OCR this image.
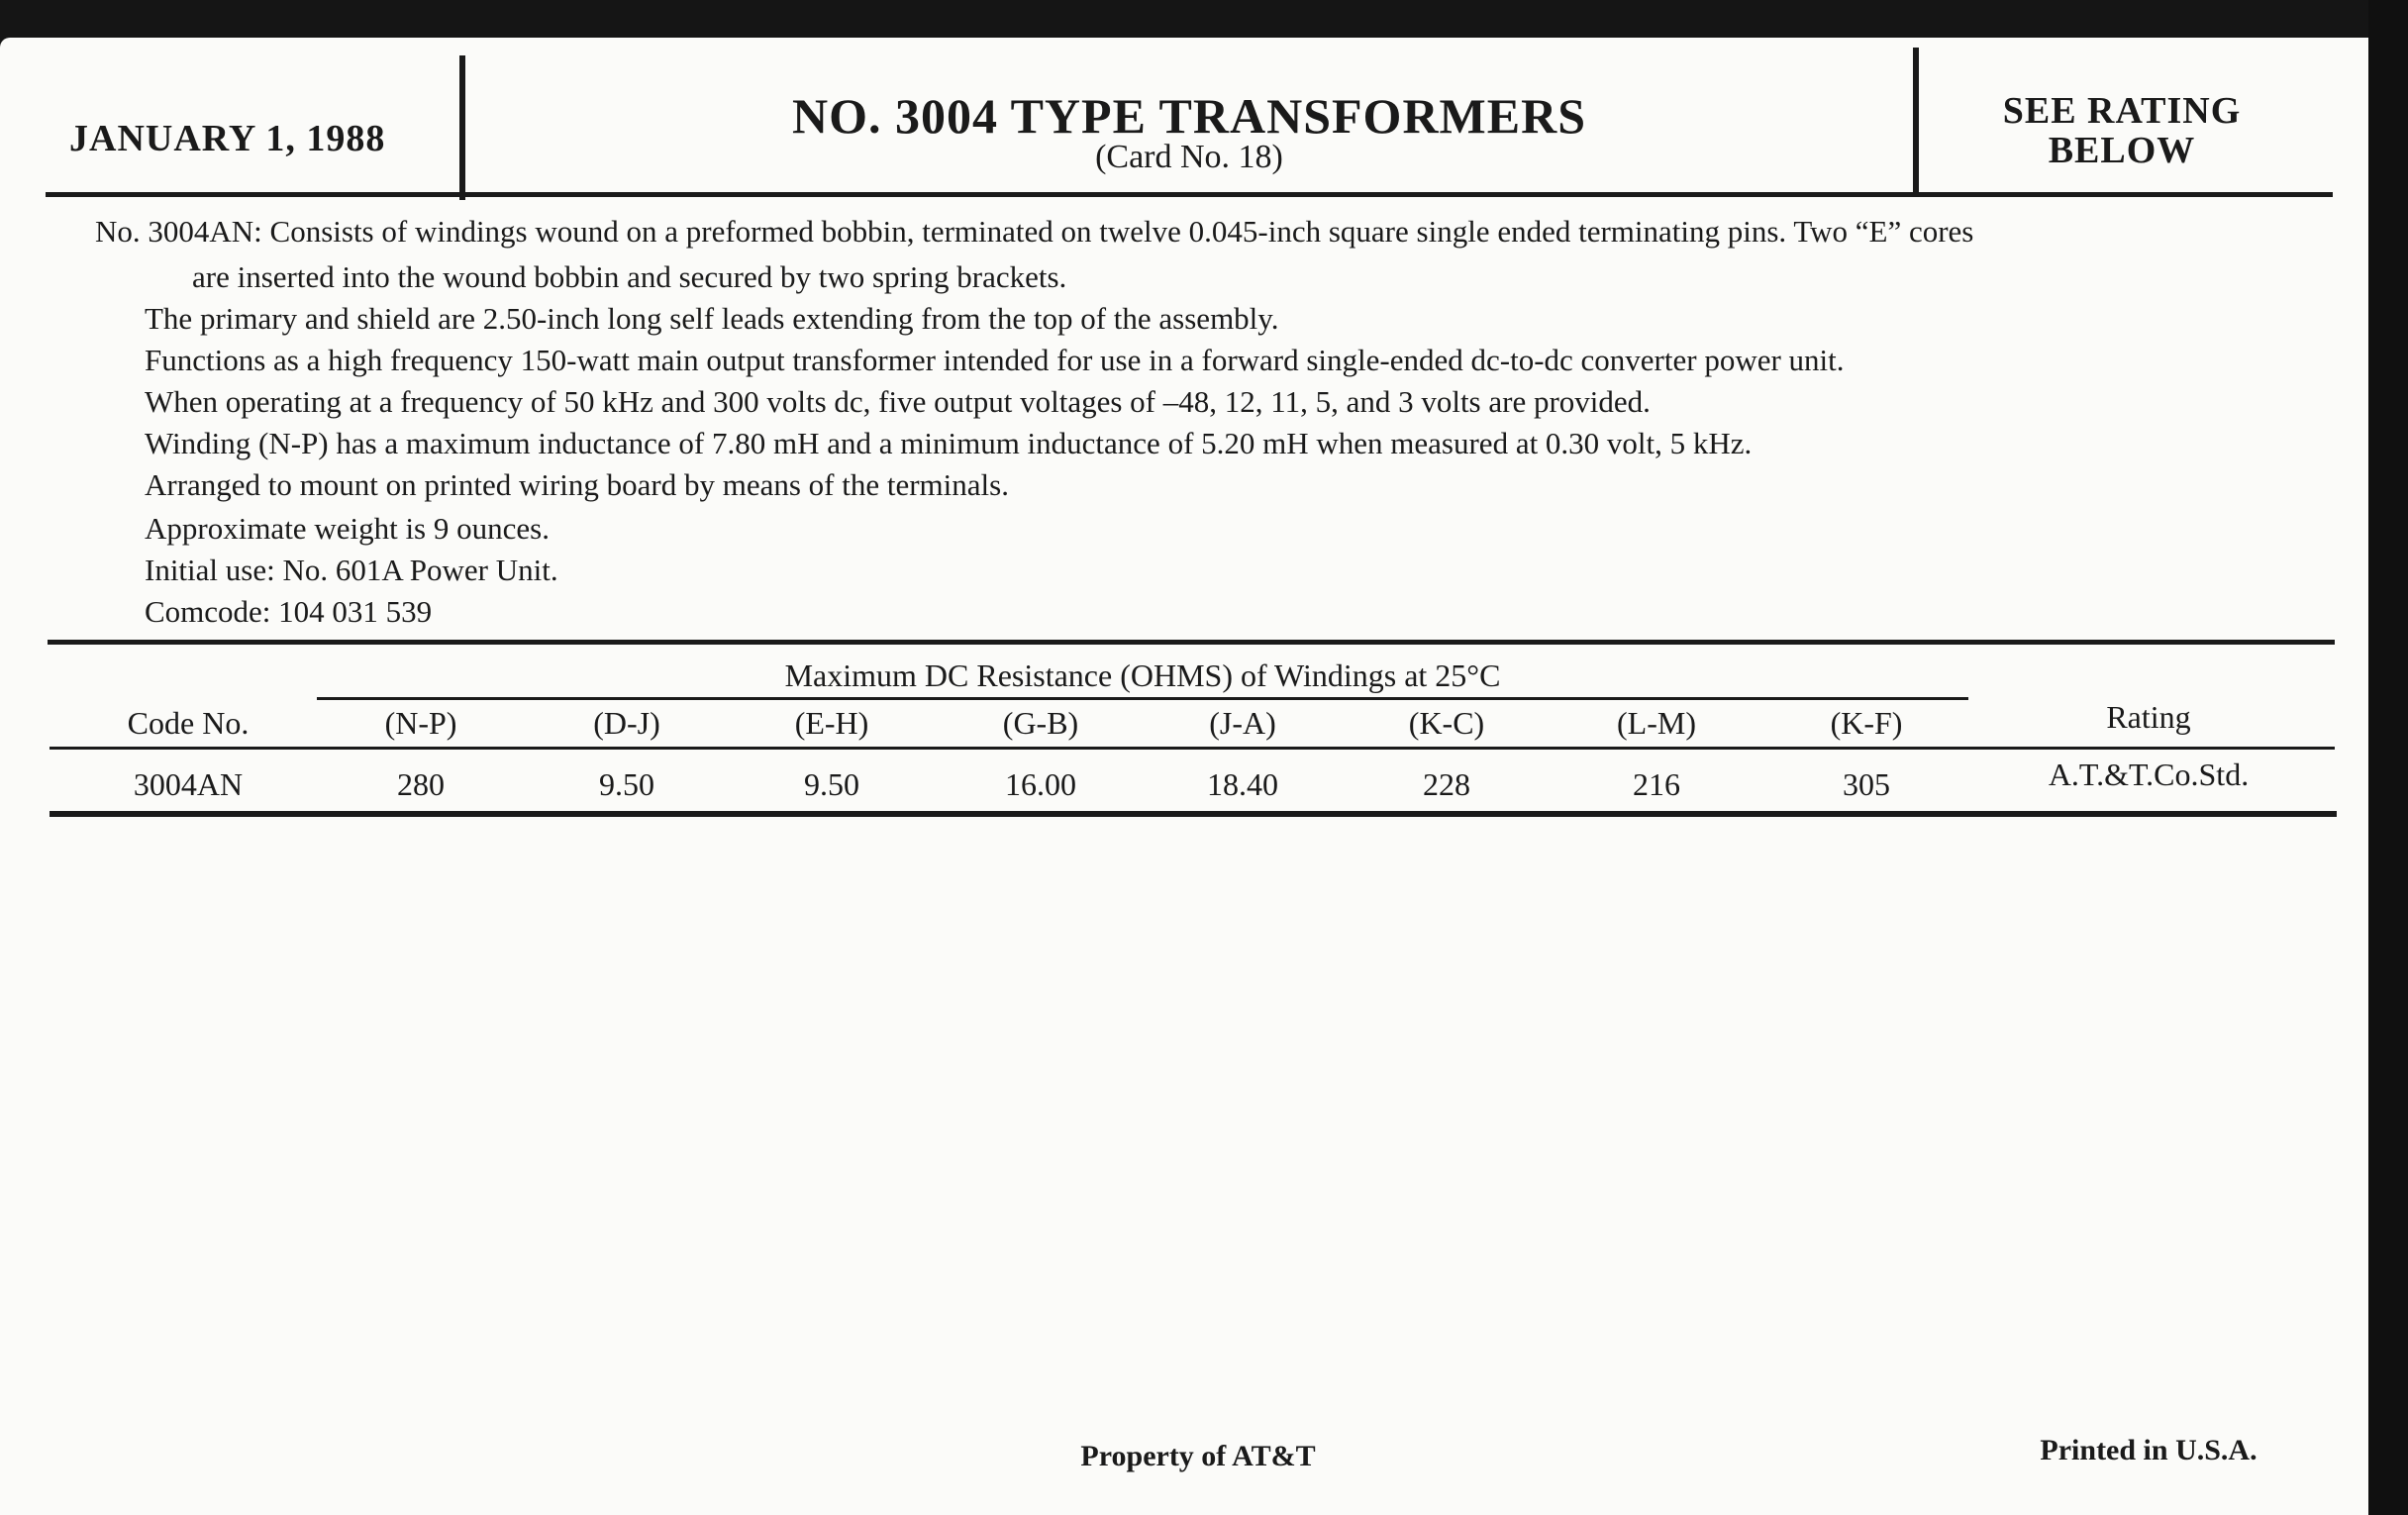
JANUARY 1, 1988	NO. 3004 TYPE TRANSFORMERS
(Card No. 18)
SEE RATING
BELOW
No. 3004AN: Consists of windings wound on a preformed bobbin, terminated on twelve 0.045-inch square single ended terminating pins. Two “E” cores
are inserted into the wound bobbin and secured by two spring brackets.
The primary and shield are 2.50-inch long self leads extending from the top of the assembly.
Functions as a high frequency 150-watt main output transformer intended for use in a forward single-ended dc-to-dc converter power unit.
When operating at a frequency of 50 kHz and 300 volts dc, five output voltages of –48, 12, 11, 5, and 3 volts are provided.
Winding (N-P) has a maximum inductance of 7.80 mH and a minimum inductance of 5.20 mH when measured at 0.30 volt, 5 kHz.
Arranged to mount on printed wiring board by means of the terminals.
Approximate weight is 9 ounces.
Initial use: No. 601A Power Unit.
Comcode: 104 031 539
Maximum DC Resistance (OHMS) of Windings at 25°C
Code No.	(N-P)	(D-J)	(E-H)	(G-B)	(J-A)	(K-C)	(L-M)	(K-F)	Rating
3004AN	280	9.50	9.50	16.00	18.40	228	216	305	A.T.&T.Co.Std.
Property of AT&T	Printed in U.S.A.
